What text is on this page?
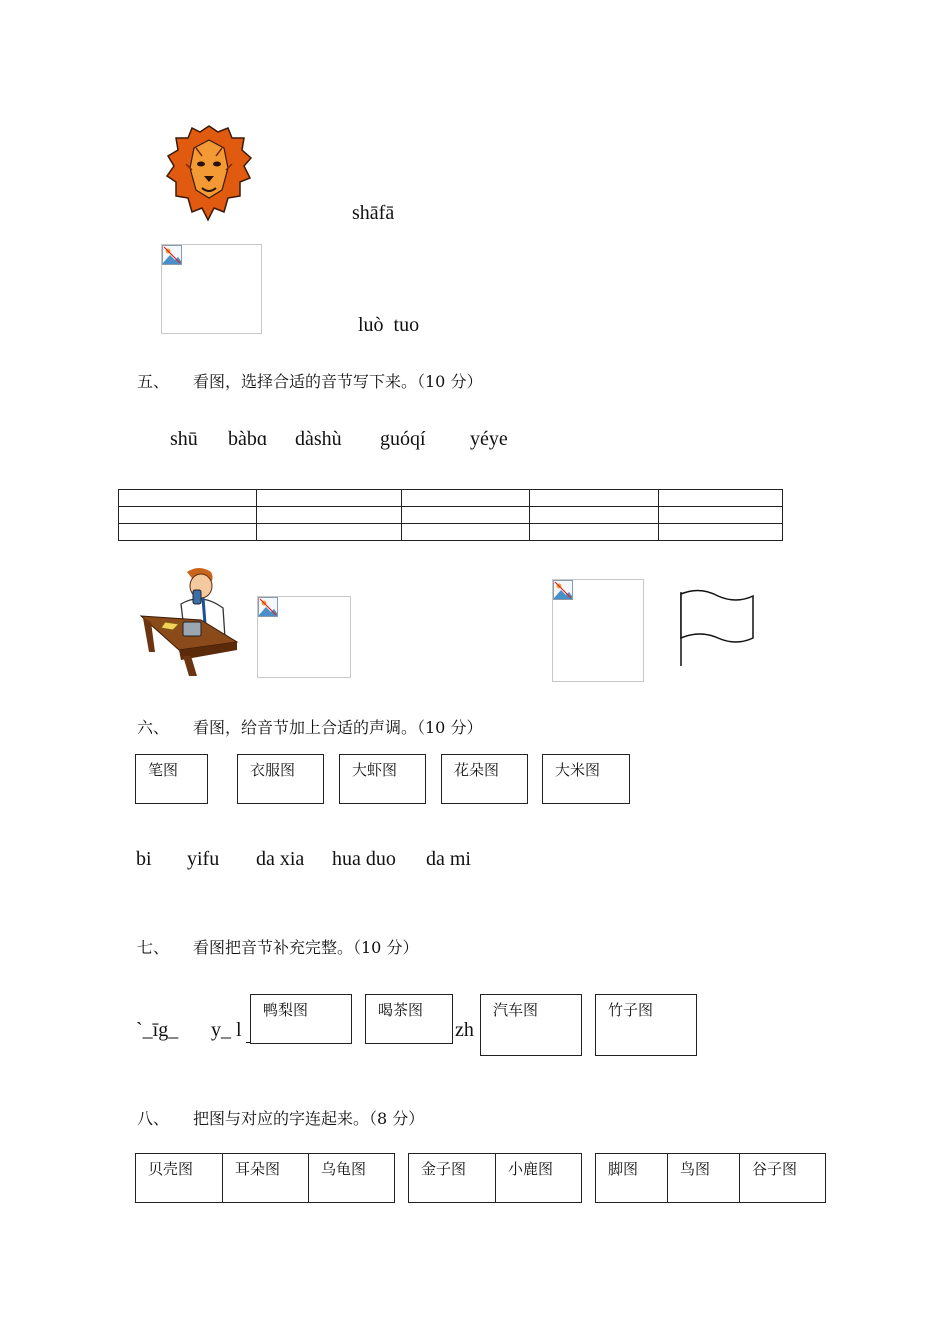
shāfā
luò  tuo
五、 看图，选择合适的音节写下来。（10 分）
shū bàbɑ dàshù guóqí yéye

六、 看图，给音节加上合适的声调。（10 分）
笔图	衣服图	大虾图	花朵图	大米图
bi yifu da xia hua duo da mi
七、 看图把音节补充完整。（10 分）
`_īg_ y_ l
鸭梨图	喝茶图
zh
汽车图	竹子图
八、 把图与对应的字连起来。（8 分）
贝壳图	耳朵图	乌龟图	金子图	小鹿图	脚图	鸟图	谷子图
